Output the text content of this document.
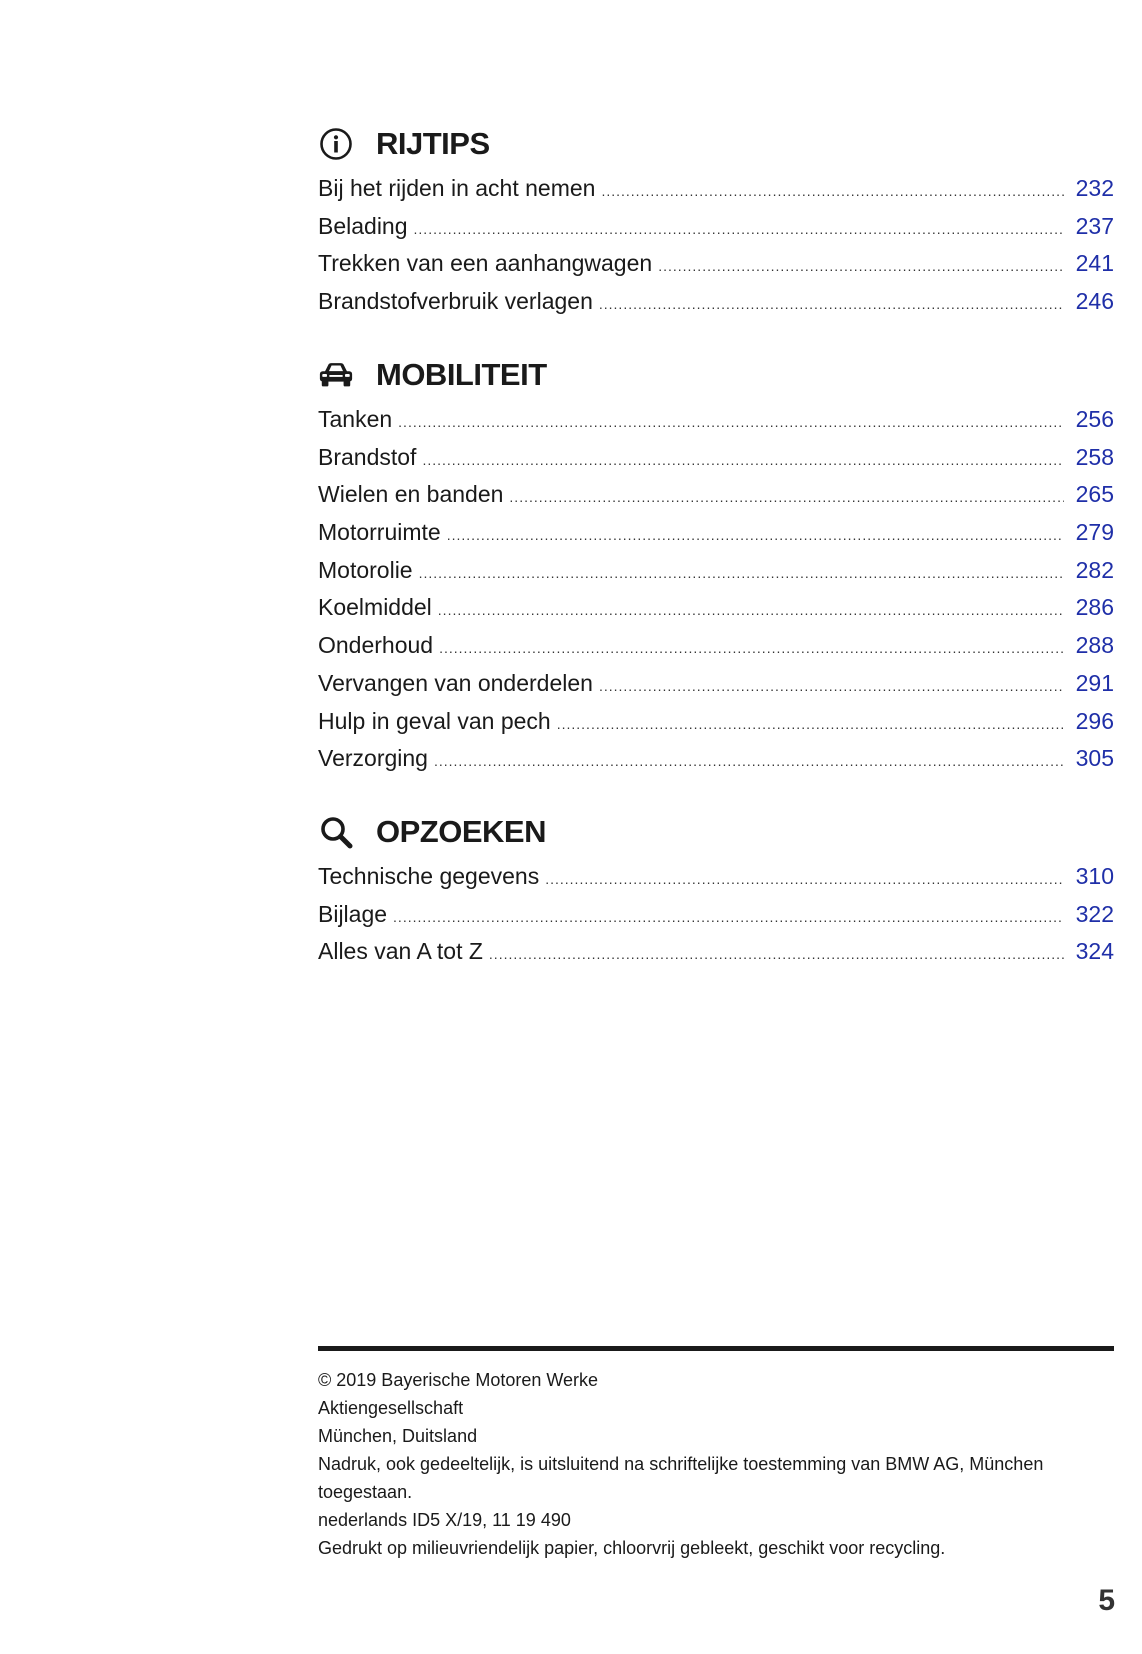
RIJTIPS
Bij het rijden in acht nemen .....	232
Belading .....	237
Trekken van een aanhangwagen .....	241
Brandstofverbruik verlagen .....	246
MOBILITEIT
Tanken .....	256
Brandstof .....	258
Wielen en banden .....	265
Motorruimte .....	279
Motorolie .....	282
Koelmiddel .....	286
Onderhoud .....	288
Vervangen van onderdelen .....	291
Hulp in geval van pech .....	296
Verzorging .....	305
OPZOEKEN
Technische gegevens .....	310
Bijlage .....	322
Alles van A tot Z .....	324
© 2019 Bayerische Motoren Werke
Aktiengesellschaft
München, Duitsland
Nadruk, ook gedeeltelijk, is uitsluitend na schriftelijke toestemming van BMW AG, München
toegestaan.
nederlands ID5 X/19, 11 19 490
Gedrukt op milieuvriendelijk papier, chloorvrij gebleekt, geschikt voor recycling.
5
